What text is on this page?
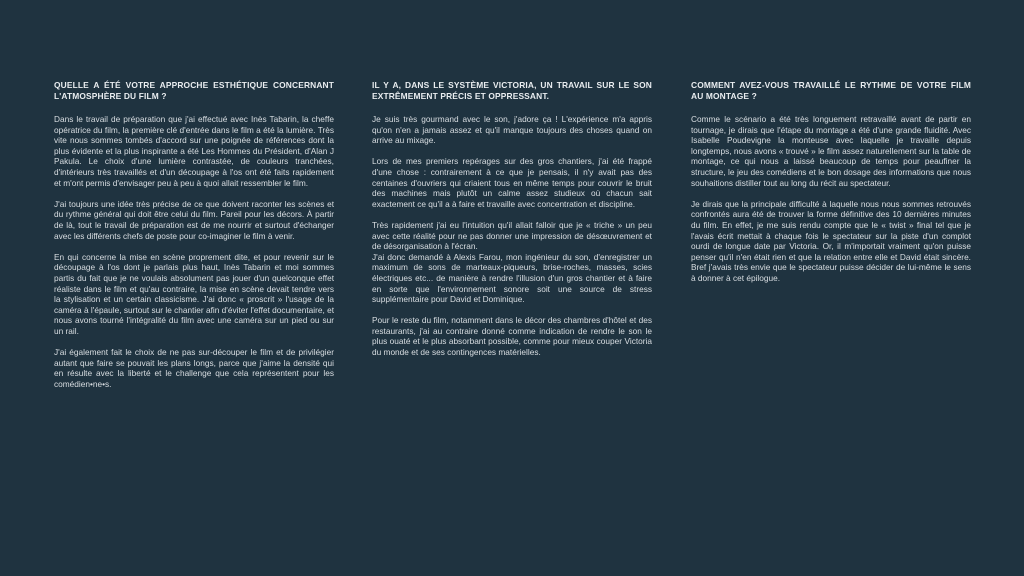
QUELLE A ÉTÉ VOTRE APPROCHE ESTHÉTIQUE CONCERNANT L'ATMOSPHÈRE DU FILM ?

Dans le travail de préparation que j'ai effectué avec Inès Tabarin, la cheffe opératrice du film, la première clé d'entrée dans le film a été la lumière. Très vite nous sommes tombés d'accord sur une poignée de références dont la plus évidente et la plus inspirante a été Les Hommes du Président, d'Alan J Pakula. Le choix d'une lumière contrastée, de couleurs tranchées, d'intérieurs très travaillés et d'un découpage à l'os ont été faits rapidement et m'ont permis d'envisager peu à peu à quoi allait ressembler le film.

J'ai toujours une idée très précise de ce que doivent raconter les scènes et du rythme général qui doit être celui du film. Pareil pour les décors. À partir de là, tout le travail de préparation est de me nourrir et surtout d'échanger avec les différents chefs de poste pour co-imaginer le film à venir.

En qui concerne la mise en scène proprement dite, et pour revenir sur le découpage à l'os dont je parlais plus haut, Inès Tabarin et moi sommes partis du fait que je ne voulais absolument pas jouer d'un quelconque effet réaliste dans le film et qu'au contraire, la mise en scène devait tendre vers la stylisation et un certain classicisme. J'ai donc « proscrit » l'usage de la caméra à l'épaule, surtout sur le chantier afin d'éviter l'effet documentaire, et nous avons tourné l'intégralité du film avec une caméra sur un pied ou sur un rail.

J'ai également fait le choix de ne pas sur-découper le film et de privilégier autant que faire se pouvait les plans longs, parce que j'aime la densité qui en résulte avec la liberté et le challenge que cela représentent pour les comédien•ne•s.

IL Y A, DANS LE SYSTÈME VICTORIA, UN TRAVAIL SUR LE SON EXTRÊMEMENT PRÉCIS ET OPPRESSANT.

Je suis très gourmand avec le son, j'adore ça ! L'expérience m'a appris qu'on n'en a jamais assez et qu'il manque toujours des choses quand on arrive au mixage.

Lors de mes premiers repérages sur des gros chantiers, j'ai été frappé d'une chose : contrairement à ce que je pensais, il n'y avait pas des centaines d'ouvriers qui criaient tous en même temps pour couvrir le bruit des machines mais plutôt un calme assez studieux où chacun sait exactement ce qu'il a à faire et travaille avec concentration et discipline.

Très rapidement j'ai eu l'intuition qu'il allait falloir que je « triche » un peu avec cette réalité pour ne pas donner une impression de désœuvrement et de désorganisation à l'écran.

J'ai donc demandé à Alexis Farou, mon ingénieur du son, d'enregistrer un maximum de sons de marteaux-piqueurs, brise-roches, masses, scies électriques etc... de manière à rendre l'illusion d'un gros chantier et à faire en sorte que l'environnement sonore soit une source de stress supplémentaire pour David et Dominique.

Pour le reste du film, notamment dans le décor des chambres d'hôtel et des restaurants, j'ai au contraire donné comme indication de rendre le son le plus ouaté et le plus absorbant possible, comme pour mieux couper Victoria du monde et de ses contingences matérielles.

COMMENT AVEZ-VOUS TRAVAILLÉ LE RYTHME DE VOTRE FILM AU MONTAGE ?

Comme le scénario a été très longuement retravaillé avant de partir en tournage, je dirais que l'étape du montage a été d'une grande fluidité. Avec Isabelle Poudevigne la monteuse avec laquelle je travaille depuis longtemps, nous avons « trouvé » le film assez naturellement sur la table de montage, ce qui nous a laissé beaucoup de temps pour peaufiner la structure, le jeu des comédiens et le bon dosage des informations que nous souhaitions distiller tout au long du récit au spectateur.

Je dirais que la principale difficulté à laquelle nous nous sommes retrouvés confrontés aura été de trouver la forme définitive des 10 dernières minutes du film. En effet, je me suis rendu compte que le « twist » final tel que je l'avais écrit mettait à chaque fois le spectateur sur la piste d'un complot ourdi de longue date par Victoria. Or, il m'importait vraiment qu'on puisse penser qu'il n'en était rien et que la relation entre elle et David était sincère. Bref j'avais très envie que le spectateur puisse décider de lui-même le sens à donner à cet épilogue.
